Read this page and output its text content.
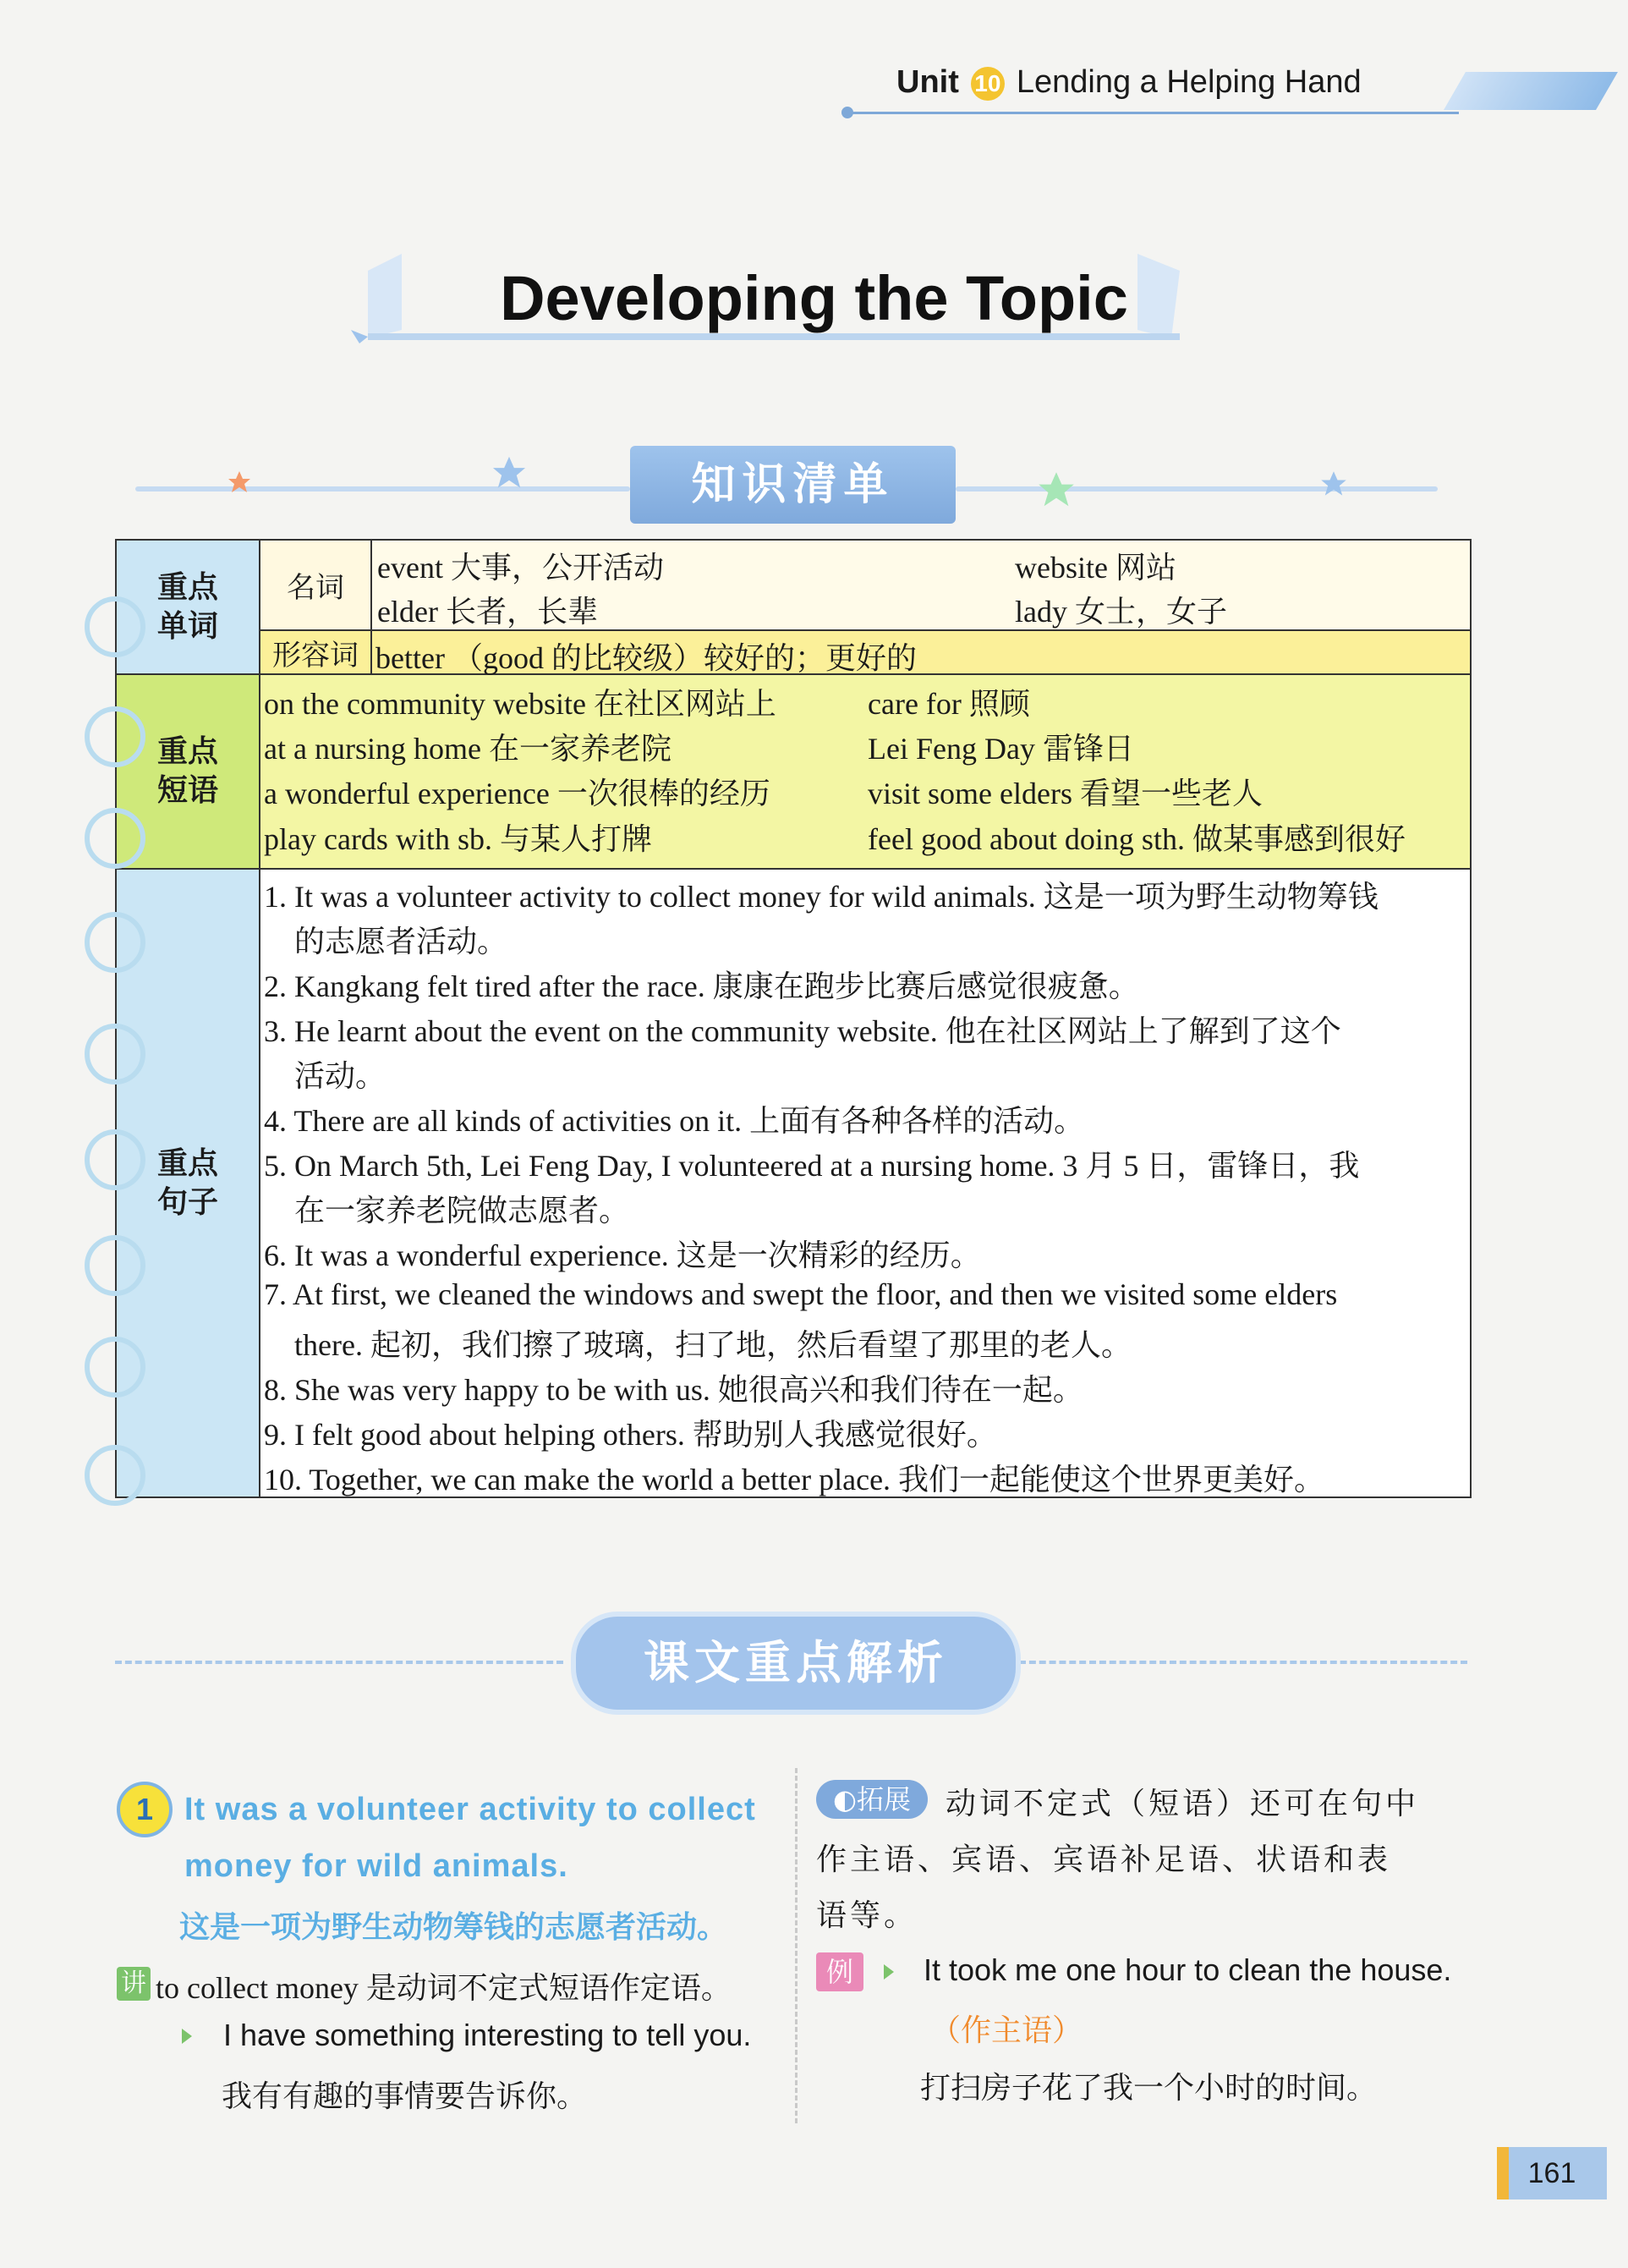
Unit 10 Lending a Helping Hand
Developing the Topic
知识清单
重点
单词
名词
event 大事，公开活动	website 网站
elder 长者，长辈	lady 女士，女子
形容词 better （good 的比较级）较好的；更好的
重点
短语
on the community website 在社区网站上	care for 照顾
at a nursing home 在一家养老院	Lei Feng Day 雷锋日
a wonderful experience 一次很棒的经历	visit some elders 看望一些老人
play cards with sb. 与某人打牌	feel good about doing sth. 做某事感到很好
重点
句子
1. It was a volunteer activity to collect money for wild animals. 这是一项为野生动物筹钱
的志愿者活动。
2. Kangkang felt tired after the race. 康康在跑步比赛后感觉很疲惫。
3. He learnt about the event on the community website. 他在社区网站上了解到了这个
活动。
4. There are all kinds of activities on it. 上面有各种各样的活动。
5. On March 5th, Lei Feng Day, I volunteered at a nursing home. 3 月 5 日，雷锋日，我
在一家养老院做志愿者。
6. It was a wonderful experience. 这是一次精彩的经历。
7. At first, we cleaned the windows and swept the floor, and then we visited some elders
there. 起初，我们擦了玻璃，扫了地，然后看望了那里的老人。
8. She was very happy to be with us. 她很高兴和我们待在一起。
9. I felt good about helping others. 帮助别人我感觉很好。
10. Together, we can make the world a better place. 我们一起能使这个世界更美好。
课文重点解析
1 It was a volunteer activity to collect
money for wild animals.
这是一项为野生动物筹钱的志愿者活动。
讲 to collect money 是动词不定式短语作定语。
I have something interesting to tell you.
我有有趣的事情要告诉你。
◐拓展	动词不定式（短语）还可在句中
作主语、宾语、宾语补足语、状语和表
语等。
例	It took me one hour to clean the house.
（作主语）
打扫房子花了我一个小时的时间。
161
